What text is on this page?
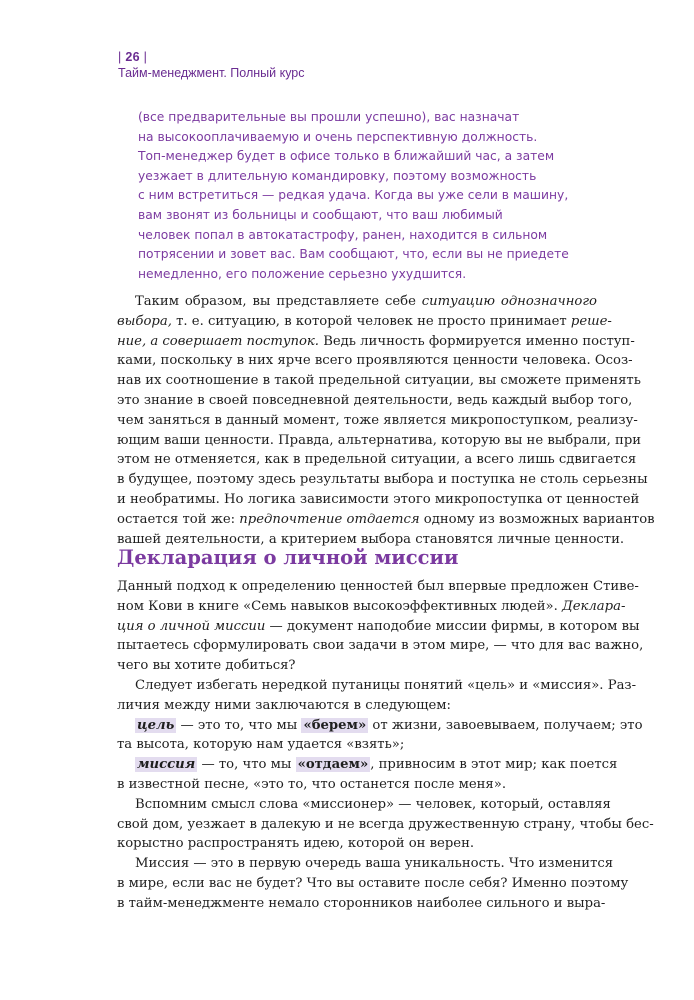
| 26 |
Тайм-менеджмент. Полный курс
(все предварительные вы прошли успешно), вас назначат
на высокооплачиваемую и очень перспективную должность.
Топ-менеджер будет в офисе только в ближайший час, а затем
уезжает в длительную командировку, поэтому возможность
с ним встретиться — редкая удача. Когда вы уже сели в машину,
вам звонят из больницы и сообщают, что ваш любимый
человек попал в автокатастрофу, ранен, находится в сильном
потрясении и зовет вас. Вам сообщают, что, если вы не приедете
немедленно, его положение серьезно ухудшится.
Таким образом, вы представляете себе ситуацию однозначного
выбора, т. е. ситуацию, в которой человек не просто принимает реше-
ние, а совершает поступок. Ведь личность формируется именно поступ-
ками, поскольку в них ярче всего проявляются ценности человека. Осоз-
нав их соотношение в такой предельной ситуации, вы сможете применять
это знание в своей повседневной деятельности, ведь каждый выбор того,
чем заняться в данный момент, тоже является микропоступком, реализу-
ющим ваши ценности. Правда, альтернатива, которую вы не выбрали, при
этом не отменяется, как в предельной ситуации, а всего лишь сдвигается
в будущее, поэтому здесь результаты выбора и поступка не столь серьезны
и необратимы. Но логика зависимости этого микропоступка от ценностей
остается той же: предпочтение отдается одному из возможных вариантов
вашей деятельности, а критерием выбора становятся личные ценности.
Декларация о личной миссии
Данный подход к определению ценностей был впервые предложен Стиве-
ном Кови в книге «Семь навыков высокоэффективных людей». Деклара-
ция о личной миссии — документ наподобие миссии фирмы, в котором вы
пытаетесь сформулировать свои задачи в этом мире, — что для вас важно,
чего вы хотите добиться?
Следует избегать нередкой путаницы понятий «цель» и «миссия». Раз-
личия между ними заключаются в следующем:
цель — это то, что мы «берем» от жизни, завоевываем, получаем; это
та высота, которую нам удается «взять»;
миссия — то, что мы «отдаем» , привносим в этот мир; как поется
в известной песне, «это то, что останется после меня».
Вспомним смысл слова «миссионер» — человек, который, оставляя
свой дом, уезжает в далекую и не всегда дружественную страну, чтобы бес-
корыстно распространять идею, которой он верен.
Миссия — это в первую очередь ваша уникальность. Что изменится
в мире, если вас не будет? Что вы оставите после себя? Именно поэтому
в тайм-менеджменте немало сторонников наиболее сильного и выра-
